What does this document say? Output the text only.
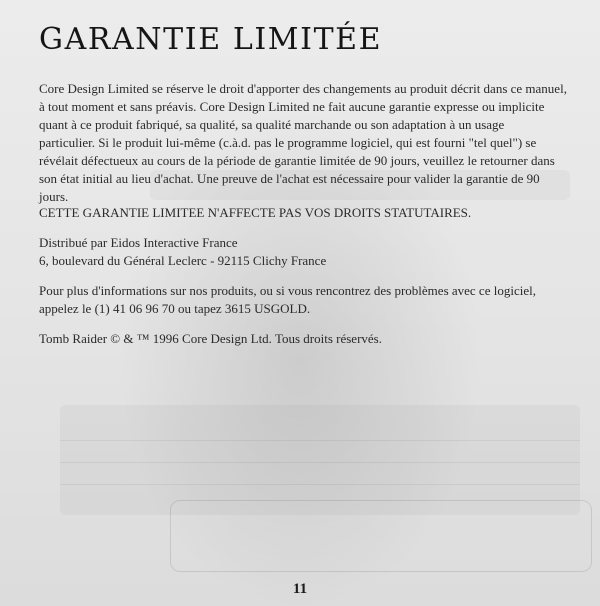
GARANTIE LIMITÉE

Core Design Limited se réserve le droit d'apporter des changements au produit décrit dans ce manuel,
à tout moment et sans préavis. Core Design Limited ne fait aucune garantie expresse ou implicite
quant à ce produit fabriqué, sa qualité, sa qualité marchande ou son adaptation à un usage
particulier. Si le produit lui-même (c.à.d. pas le programme logiciel, qui est fourni "tel quel") se
révélait défectueux au cours de la période de garantie limitée de 90 jours, veuillez le retourner dans
son état initial au lieu d'achat. Une preuve de l'achat est nécessaire pour valider la garantie de 90
jours.

CETTE GARANTIE LIMITEE N'AFFECTE PAS VOS DROITS STATUTAIRES.

Distribué par Eidos Interactive France
6, boulevard du Général Leclerc - 92115 Clichy France

Pour plus d'informations sur nos produits, ou si vous rencontrez des problèmes avec ce logiciel,
appelez le (1) 41 06 96 70 ou tapez 3615 USGOLD.

Tomb Raider © & ™ 1996 Core Design Ltd. Tous droits réservés.

11
